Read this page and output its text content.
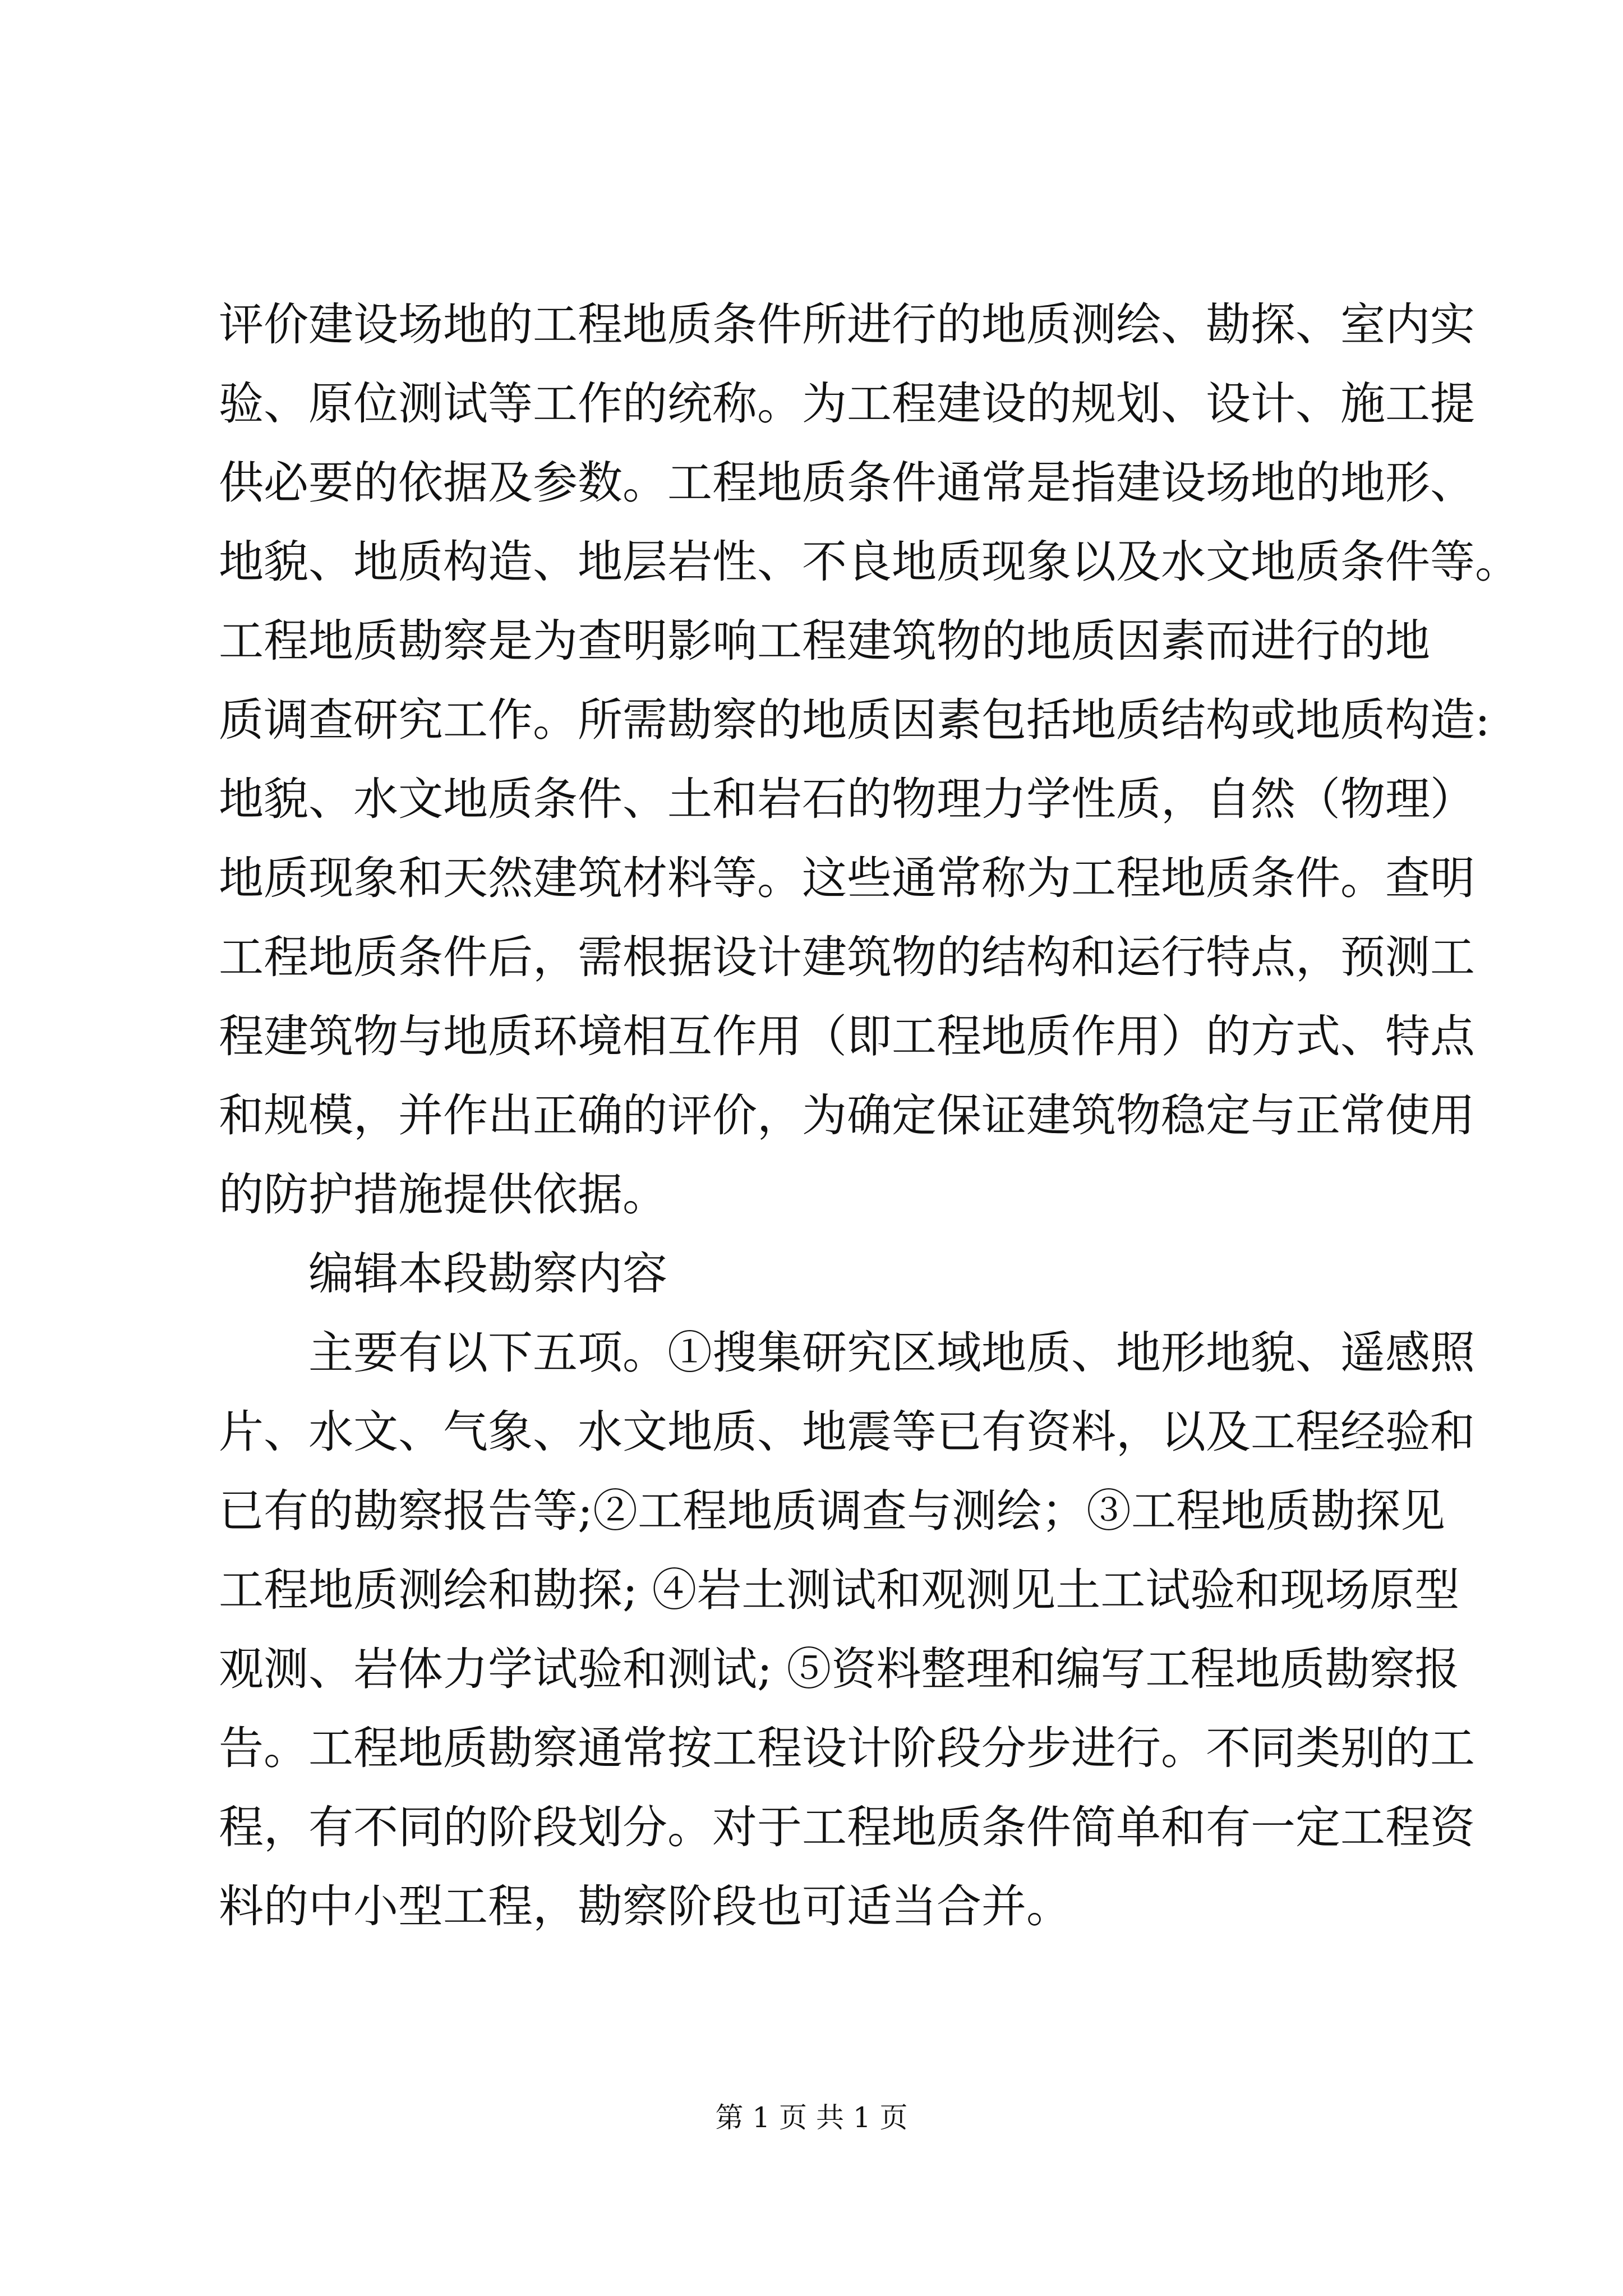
评价建设场地的工程地质条件所进行的地质测绘、勘探、室内实
验、原位测试等工作的统称。为工程建设的规划、设计、施工提
供必要的依据及参数。工程地质条件通常是指建设场地的地形、
地貌、地质构造、地层岩性、不良地质现象以及水文地质条件等。
工程地质勘察是为查明影响工程建筑物的地质因素而进行的地
质调查研究工作。所需勘察的地质因素包括地质结构或地质构造:
地貌、水文地质条件、土和岩石的物理力学性质，自然（物理）
地质现象和天然建筑材料等。这些通常称为工程地质条件。查明
工程地质条件后，需根据设计建筑物的结构和运行特点，预测工
程建筑物与地质环境相互作用（即工程地质作用）的方式、特点
和规模，并作出正确的评价，为确定保证建筑物稳定与正常使用
的防护措施提供依据。
编辑本段勘察内容
主要有以下五项。①搜集研究区域地质、地形地貌、遥感照
片、水文、气象、水文地质、地震等已有资料，以及工程经验和
已有的勘察报告等;②工程地质调查与测绘；③工程地质勘探见
工程地质测绘和勘探; ④岩土测试和观测见土工试验和现场原型
观测、岩体力学试验和测试; ⑤资料整理和编写工程地质勘察报
告。工程地质勘察通常按工程设计阶段分步进行。不同类别的工
程，有不同的阶段划分。对于工程地质条件简单和有一定工程资
料的中小型工程，勘察阶段也可适当合并。
第 1 页 共 1 页
